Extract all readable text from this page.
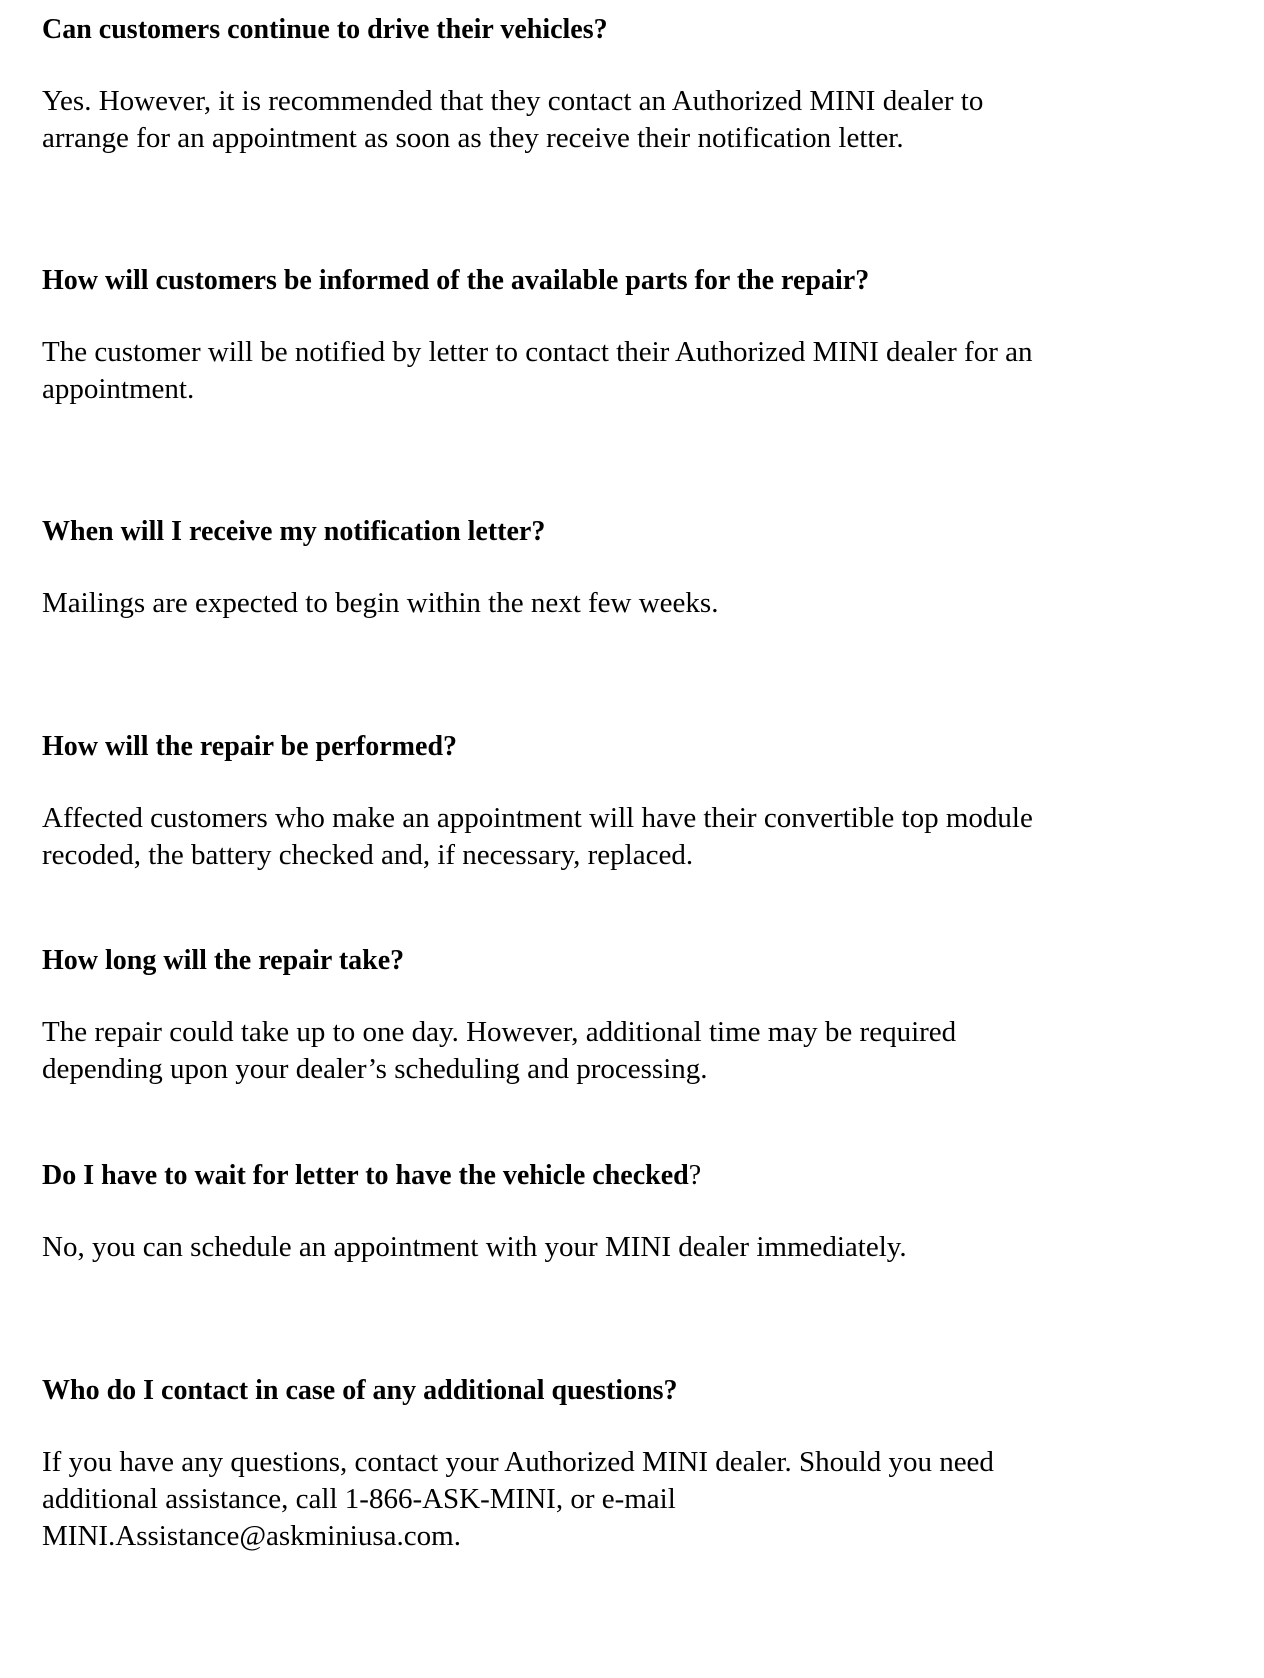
Can customers continue to drive their vehicles?

Yes. However, it is recommended that they contact an Authorized MINI dealer to
arrange for an appointment as soon as they receive their notification letter.

How will customers be informed of the available parts for the repair?

The customer will be notified by letter to contact their Authorized MINI dealer for an
appointment.

When will I receive my notification letter?

Mailings are expected to begin within the next few weeks.

How will the repair be performed?

Affected customers who make an appointment will have their convertible top module
recoded, the battery checked and, if necessary, replaced.

How long will the repair take?

The repair could take up to one day. However, additional time may be required
depending upon your dealer’s scheduling and processing.

Do I have to wait for letter to have the vehicle checked?

No, you can schedule an appointment with your MINI dealer immediately.

Who do I contact in case of any additional questions?

If you have any questions, contact your Authorized MINI dealer. Should you need
additional assistance, call 1-866-ASK-MINI, or e-mail
MINI.Assistance@askminiusa.com.
